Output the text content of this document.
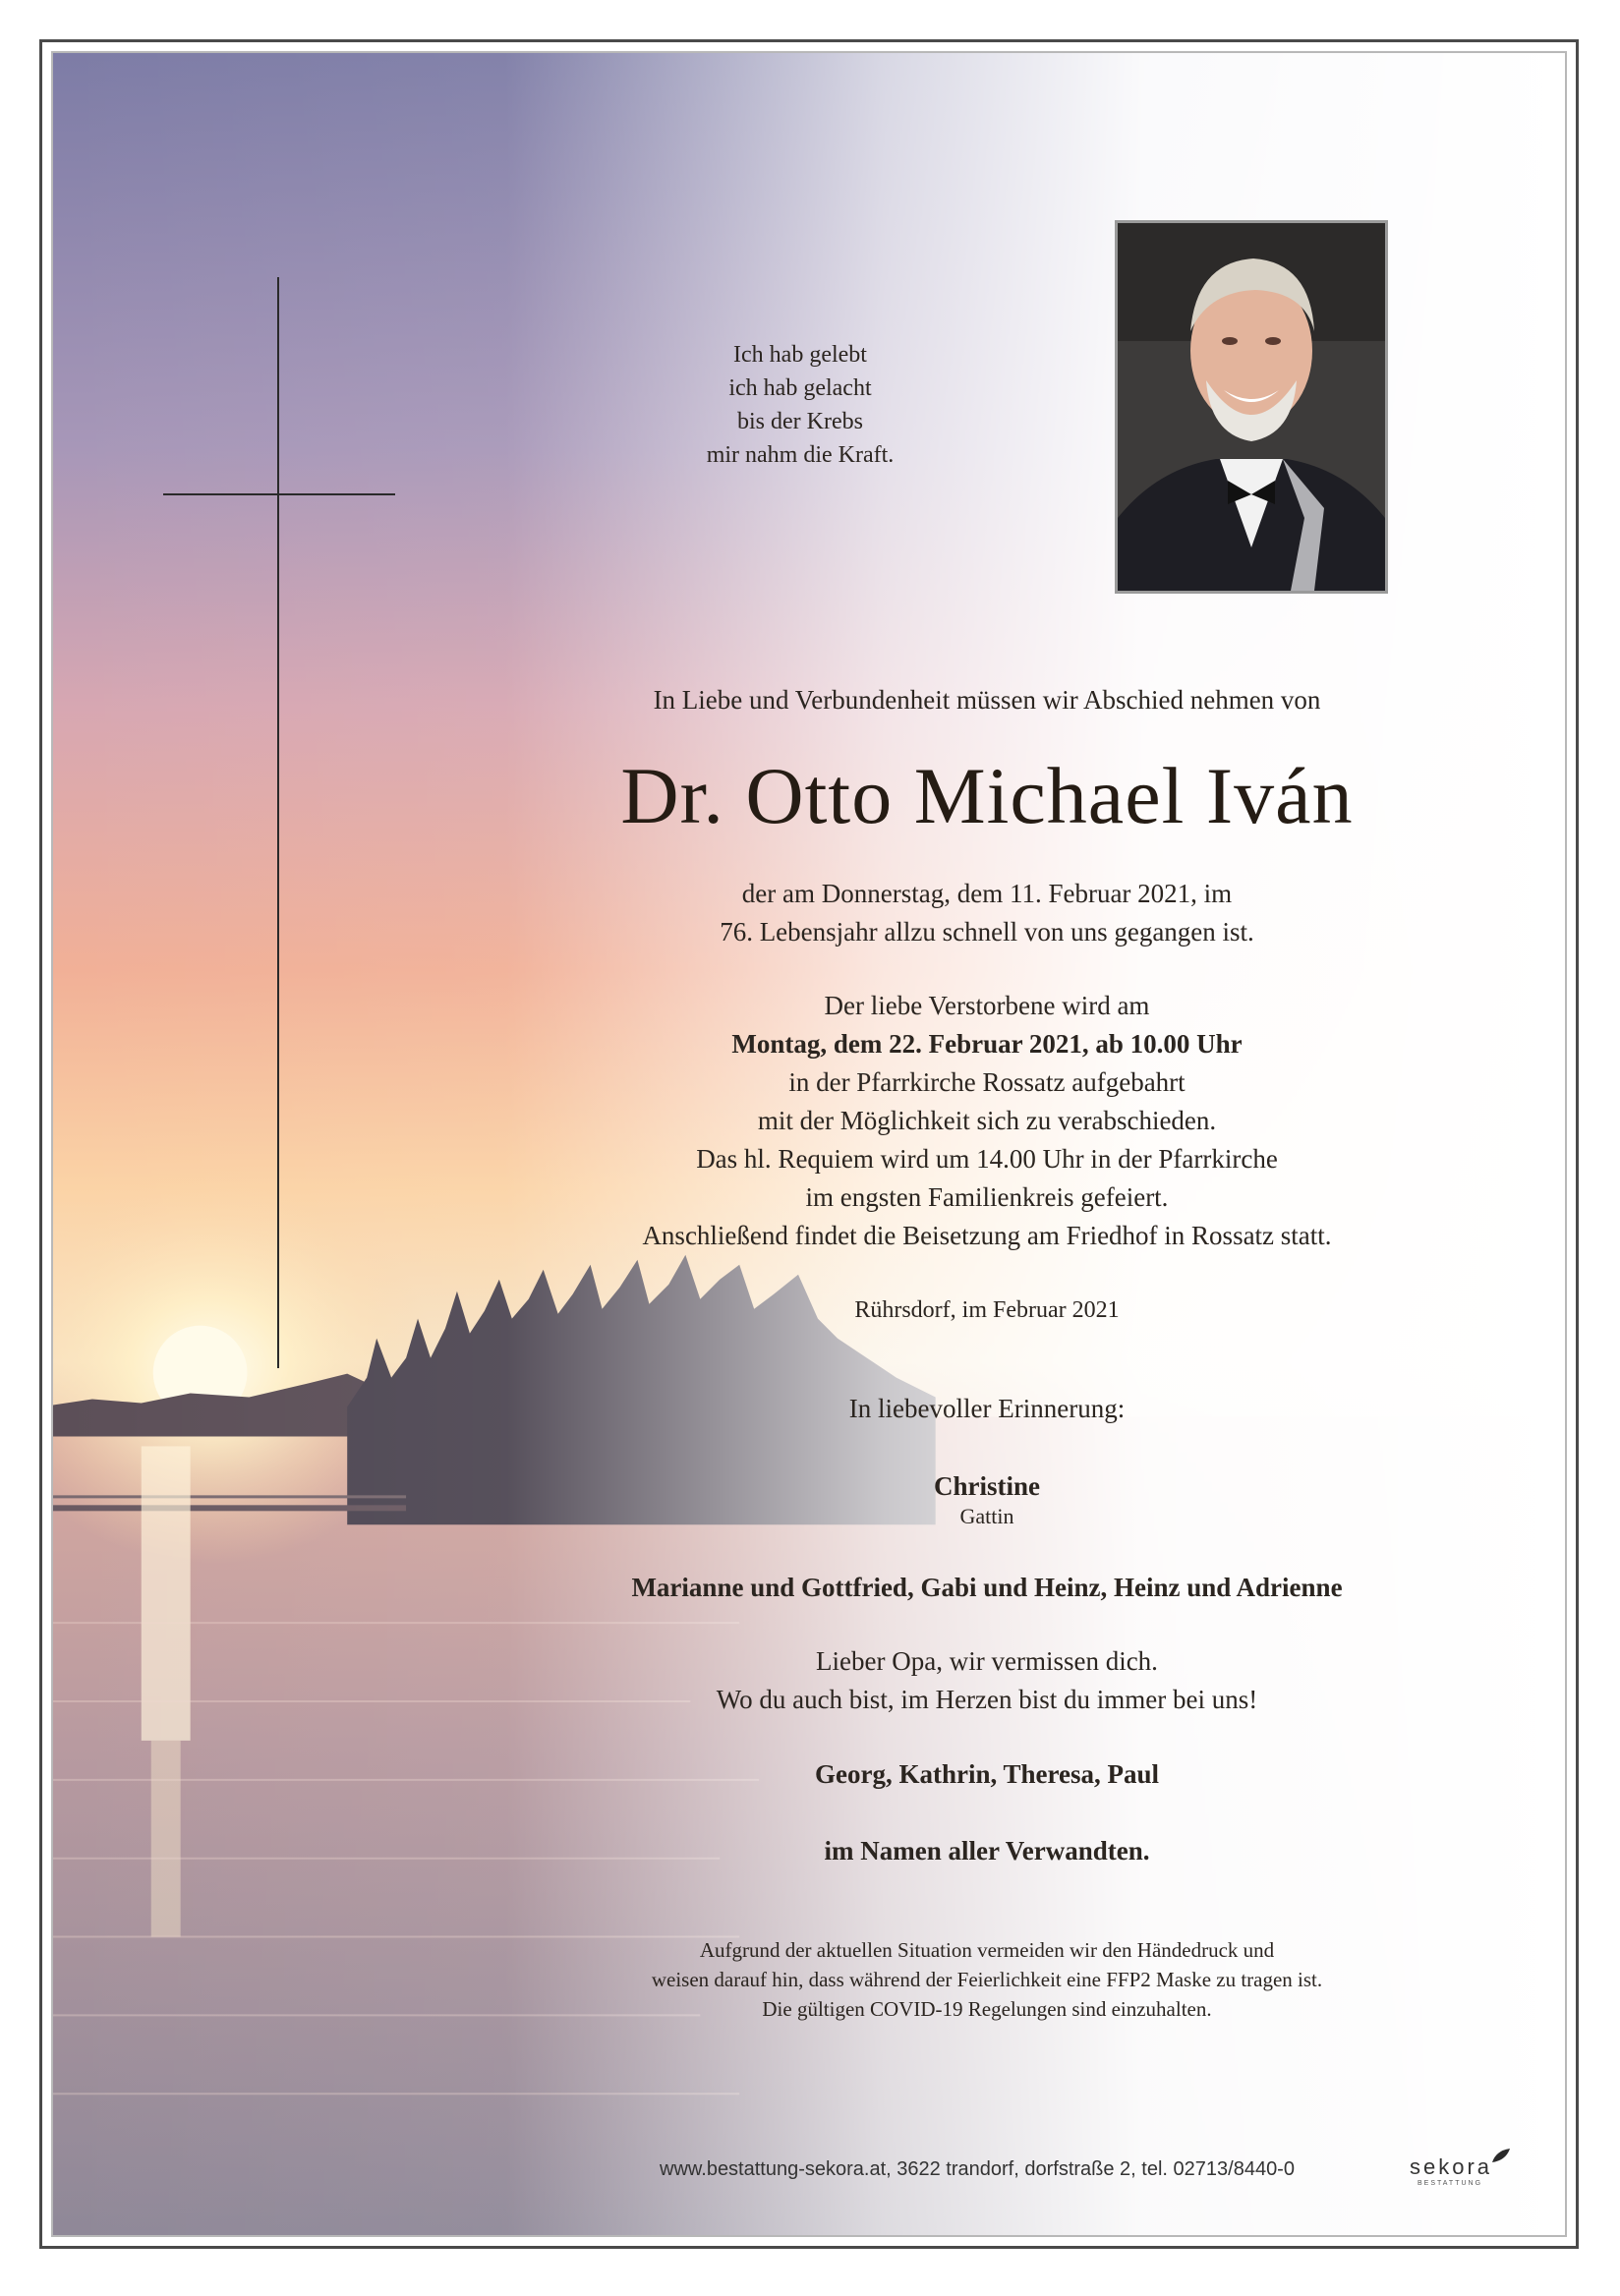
Ich hab gelebt
ich hab gelacht
bis der Krebs
mir nahm die Kraft.
In Liebe und Verbundenheit müssen wir Abschied nehmen von
Dr. Otto Michael Iván
der am Donnerstag, dem 11. Februar 2021, im
76. Lebensjahr allzu schnell von uns gegangen ist.
Der liebe Verstorbene wird am
Montag, dem 22. Februar 2021, ab 10.00 Uhr
in der Pfarrkirche Rossatz aufgebahrt
mit der Möglichkeit sich zu verabschieden.
Das hl. Requiem wird um 14.00 Uhr in der Pfarrkirche
im engsten Familienkreis gefeiert.
Anschließend findet die Beisetzung am Friedhof in Rossatz statt.
Rührsdorf, im Februar 2021
In liebevoller Erinnerung:
Christine
Gattin
Marianne und Gottfried, Gabi und Heinz, Heinz und Adrienne
Lieber Opa, wir vermissen dich.
Wo du auch bist, im Herzen bist du immer bei uns!
Georg, Kathrin, Theresa, Paul
im Namen aller Verwandten.
Aufgrund der aktuellen Situation vermeiden wir den Händedruck und
weisen darauf hin, dass während der Feierlichkeit eine FFP2 Maske zu tragen ist.
Die gültigen COVID-19 Regelungen sind einzuhalten.
www.bestattung-sekora.at, 3622 trandorf, dorfstraße 2, tel. 02713/8440-0	sekora
BESTATTUNG
